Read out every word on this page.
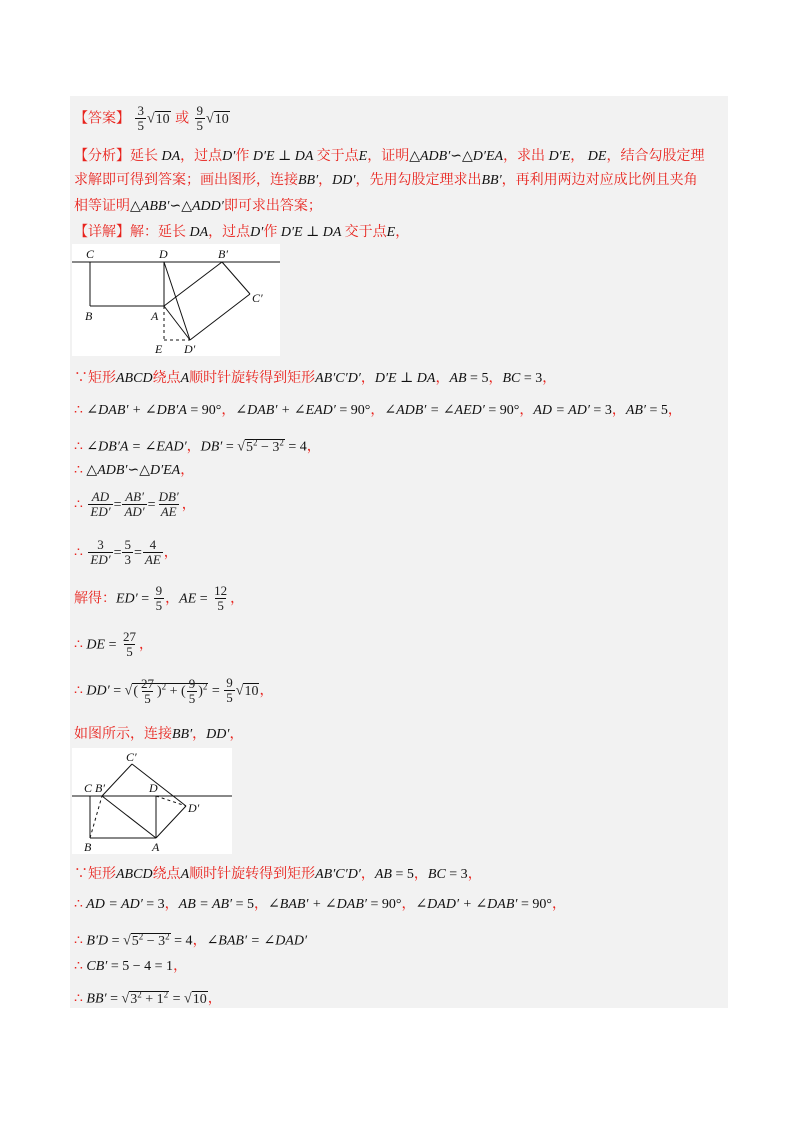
【答案】 $\frac{3}{5} √10$ 或 $\frac{9}{5} √10$
【分析】延长 DA，过点D′作 D′E ⊥ DA 交于点E，证明△ADB′∽△D′EA，求出 D′E， DE，结合勾股定理
求解即可得到答案；画出图形，连接BB′，DD′，先用勾股定理求出BB′，再利用两边对应成比例且夹角
相等证明△ABB′∽△ADD′即可求出答案；
【详解】解：延长 DA，过点D′作 D′E ⊥ DA 交于点E，
C	D	B′
C′
B	A
E D′
∵矩形ABCD绕点A顺时针旋转得到矩形AB′C′D′，D′E ⊥ DA，AB = 5，BC = 3，
∴ ∠DAB′ + ∠DB′A = 90°，∠DAB′ + ∠EAD′ = 90°，∠ADB′ = ∠AED′ = 90°，AD = AD′ = 3，AB′ = 5，
∴ ∠DB′A = ∠EAD′，$DB' = √5^2 - 3^2 = 4$，
∴ △ADB′∽△D′EA，
∴ $\frac{AD}{ED'} = \frac{AB'}{AD'} = \frac{DB'}{AE}$ ，
∴ $\frac{3}{ED'} = \frac{5}{3} = \frac{4}{AE}$ ，
解得：$ED' = \frac{9}{5}$ ，AE = $\frac{12}{5}$ ，
∴ DE = $\frac{27}{5}$ ，
∴ DD′ = √( $\frac{27}{5} )^2$ + ( $\frac{9}{5} )^2 = \frac{9}{5} √10$，
如图所示，连接BB′，DD′，
C′
C B′	D
B	A
D′
∵矩形ABCD绕点A顺时针旋转得到矩形AB′C′D′，AB = 5，BC = 3，
∴ AD = AD′ = 3，AB = AB′ = 5，∠BAB′ + ∠DAB′ = 90°，∠DAD′ + ∠DAB′ = 90°，
∴ $B'D = √5^2 - 3^2 = 4$，∠BAB′ = ∠DAD′
∴ CB′ = 5 − 4 = 1，
∴ $BB' = √3^2 + 1^2 = √10$，
